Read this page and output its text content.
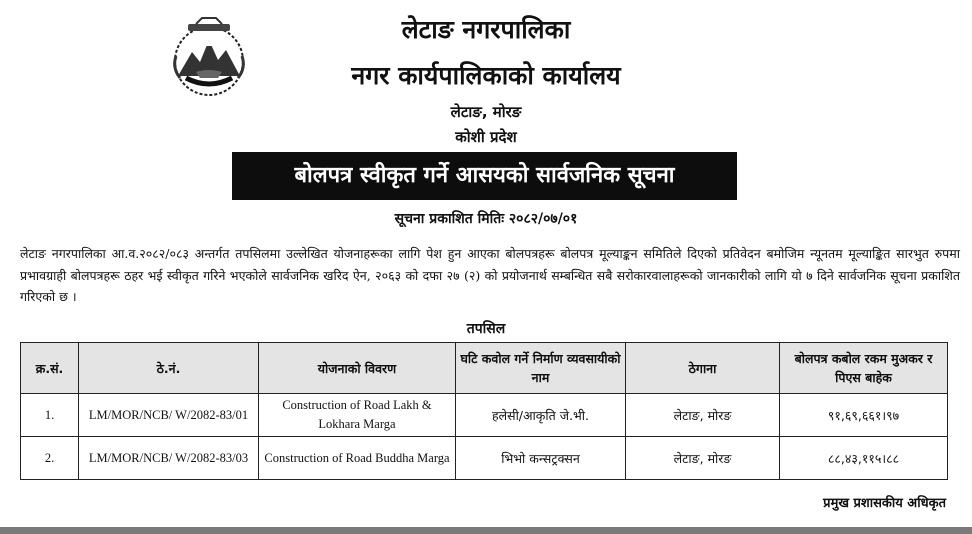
लेटाङ नगरपालिका
नगर कार्यपालिकाको कार्यालय
लेटाङ, मोरङ
कोशी प्रदेश
बोलपत्र स्वीकृत गर्ने आसयको सार्वजनिक सूचना
सूचना प्रकाशित मितिः २०८२/०७/०१
लेटाङ नगरपालिका आ.व.२०८२/०८३ अन्तर्गत तपसिलमा उल्लेखित योजनाहरूका लागि पेश हुन आएका बोलपत्रहरू बोलपत्र मूल्याङ्कन समितिले दिएको प्रतिवेदन बमोजिम न्यूनतम मूल्याङ्कित सारभुत रुपमा प्रभावग्राही बोलपत्रहरू ठहर भई स्वीकृत गरिने भएकोले सार्वजनिक खरिद ऐन, २०६३ को दफा २७ (२) को प्रयोजनार्थ सम्बन्धित सबै सरोकारवालाहरूको जानकारीको लागि यो ७ दिने सार्वजनिक सूचना प्रकाशित गरिएको छ ।
तपसिल
क्र.सं.	ठे.नं.	योजनाको विवरण	घटि कवोल गर्ने निर्माण व्यवसायीको नाम	ठेगाना	बोलपत्र कबोल रकम मुअकर र पिएस बाहेक
1.	LM/MOR/NCB/ W/2082-83/01	Construction of Road Lakh & Lokhara Marga	हलेसी/आकृति जे.भी.	लेटाङ, मोरङ	९१,६९,६६१।९७
2.	LM/MOR/NCB/ W/2082-83/03	Construction of Road Buddha Marga	भिभो कन्सट्रक्सन	लेटाङ, मोरङ	८८,४३,११५।८८
प्रमुख प्रशासकीय अधिकृत
